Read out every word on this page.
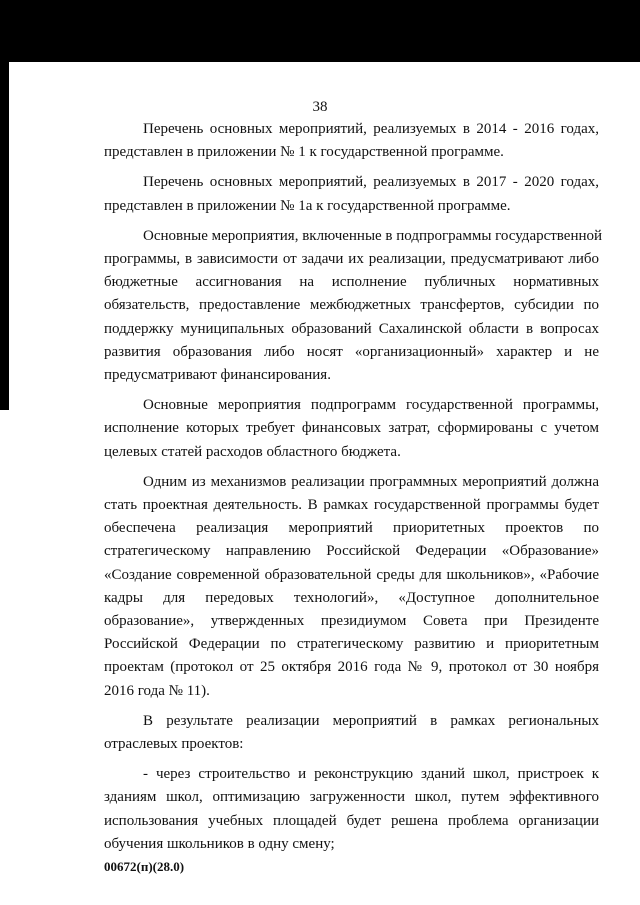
38

Перечень основных мероприятий, реализуемых в 2014 - 2016 годах,
представлен в приложении № 1 к государственной программе.

Перечень основных мероприятий, реализуемых в 2017 - 2020 годах,
представлен в приложении № 1а к государственной программе.

Основные мероприятия, включенные в подпрограммы государственной
программы, в зависимости от задачи их реализации, предусматривают либо
бюджетные ассигнования на исполнение публичных нормативных
обязательств, предоставление межбюджетных трансфертов, субсидии по
поддержку муниципальных образований Сахалинской области в вопросах
развития образования либо носят «организационный» характер и не
предусматривают финансирования.

Основные мероприятия подпрограмм государственной программы,
исполнение которых требует финансовых затрат, сформированы с учетом
целевых статей расходов областного бюджета.

Одним из механизмов реализации программных мероприятий должна
стать проектная деятельность. В рамках государственной программы будет
обеспечена реализация мероприятий приоритетных проектов по
стратегическому направлению Российской Федерации «Образование»
«Создание современной образовательной среды для школьников», «Рабочие
кадры для передовых технологий», «Доступное дополнительное
образование», утвержденных президиумом Совета при Президенте
Российской Федерации по стратегическому развитию и приоритетным
проектам (протокол от 25 октября 2016 года № 9, протокол от 30 ноября
2016 года № 11).

В результате реализации мероприятий в рамках региональных
отраслевых проектов:

- через строительство и реконструкцию зданий школ, пристроек к
зданиям школ, оптимизацию загруженности школ, путем эффективного
использования учебных площадей будет решена проблема организации
обучения школьников в одну смену;

00672(п)(28.0)
